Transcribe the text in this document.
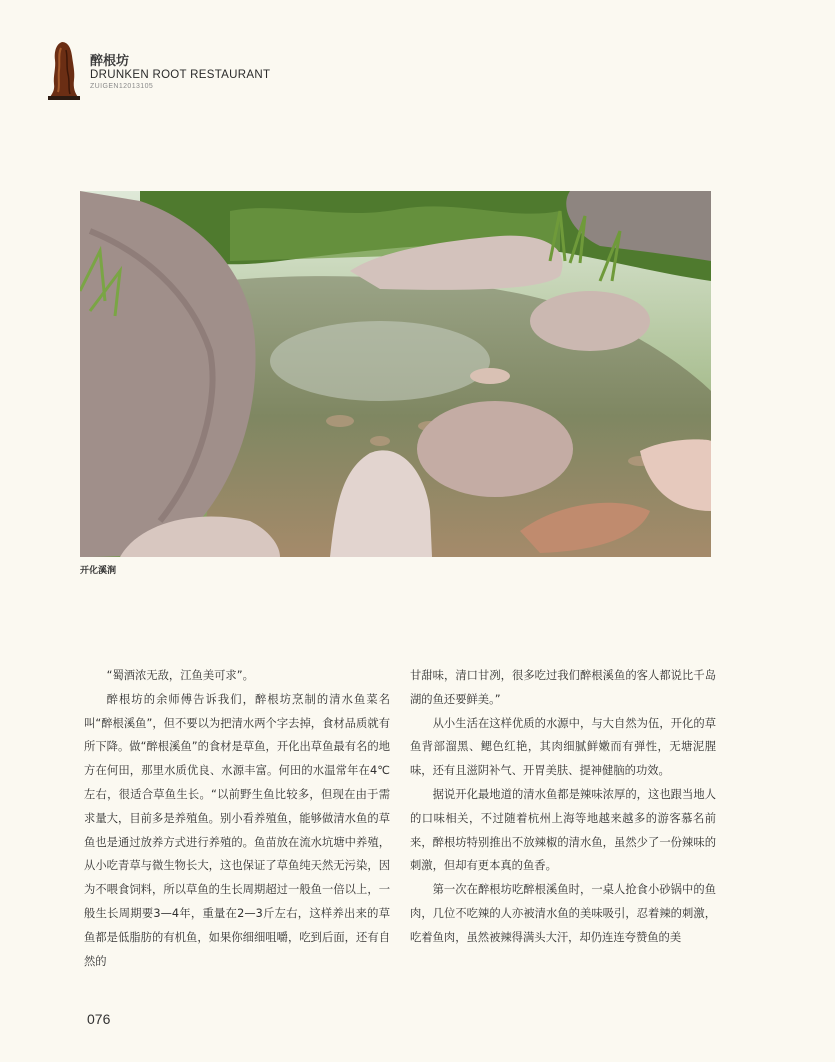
醉根坊
DRUNKEN ROOT RESTAURANT
ZUIGEN12013105
开化溪涧

“蜀酒浓无敌，江鱼美可求”。

醉根坊的余师傅告诉我们，醉根坊烹制的清水鱼菜名叫“醉根溪鱼”，但不要以为把清水两个字去掉，食材品质就有所下降。做“醉根溪鱼”的食材是草鱼，开化出草鱼最有名的地方在何田，那里水质优良、水源丰富。何田的水温常年在4℃左右，很适合草鱼生长。“以前野生鱼比较多，但现在由于需求量大，目前多是养殖鱼。别小看养殖鱼，能够做清水鱼的草鱼也是通过放养方式进行养殖的。鱼苗放在流水坑塘中养殖，从小吃青草与微生物长大，这也保证了草鱼纯天然无污染，因为不喂食饲料，所以草鱼的生长周期超过一般鱼一倍以上，一般生长周期要3—4年，重量在2—3斤左右，这样养出来的草鱼都是低脂肪的有机鱼，如果你细细咀嚼，吃到后面，还有自然的

甘甜味，清口甘冽，很多吃过我们醉根溪鱼的客人都说比千岛湖的鱼还要鲜美。”

从小生活在这样优质的水源中，与大自然为伍，开化的草鱼背部溜黑、鳃色红艳，其肉细腻鲜嫩而有弹性，无塘泥腥味，还有且滋阴补气、开胃美肤、提神健脑的功效。

据说开化最地道的清水鱼都是辣味浓厚的，这也跟当地人的口味相关，不过随着杭州上海等地越来越多的游客慕名前来，醉根坊特别推出不放辣椒的清水鱼，虽然少了一份辣味的刺激，但却有更本真的鱼香。

第一次在醉根坊吃醉根溪鱼时，一桌人抢食小砂锅中的鱼肉，几位不吃辣的人亦被清水鱼的美味吸引，忍着辣的刺激，吃着鱼肉，虽然被辣得满头大汗，却仍连连夸赞鱼的美

076
